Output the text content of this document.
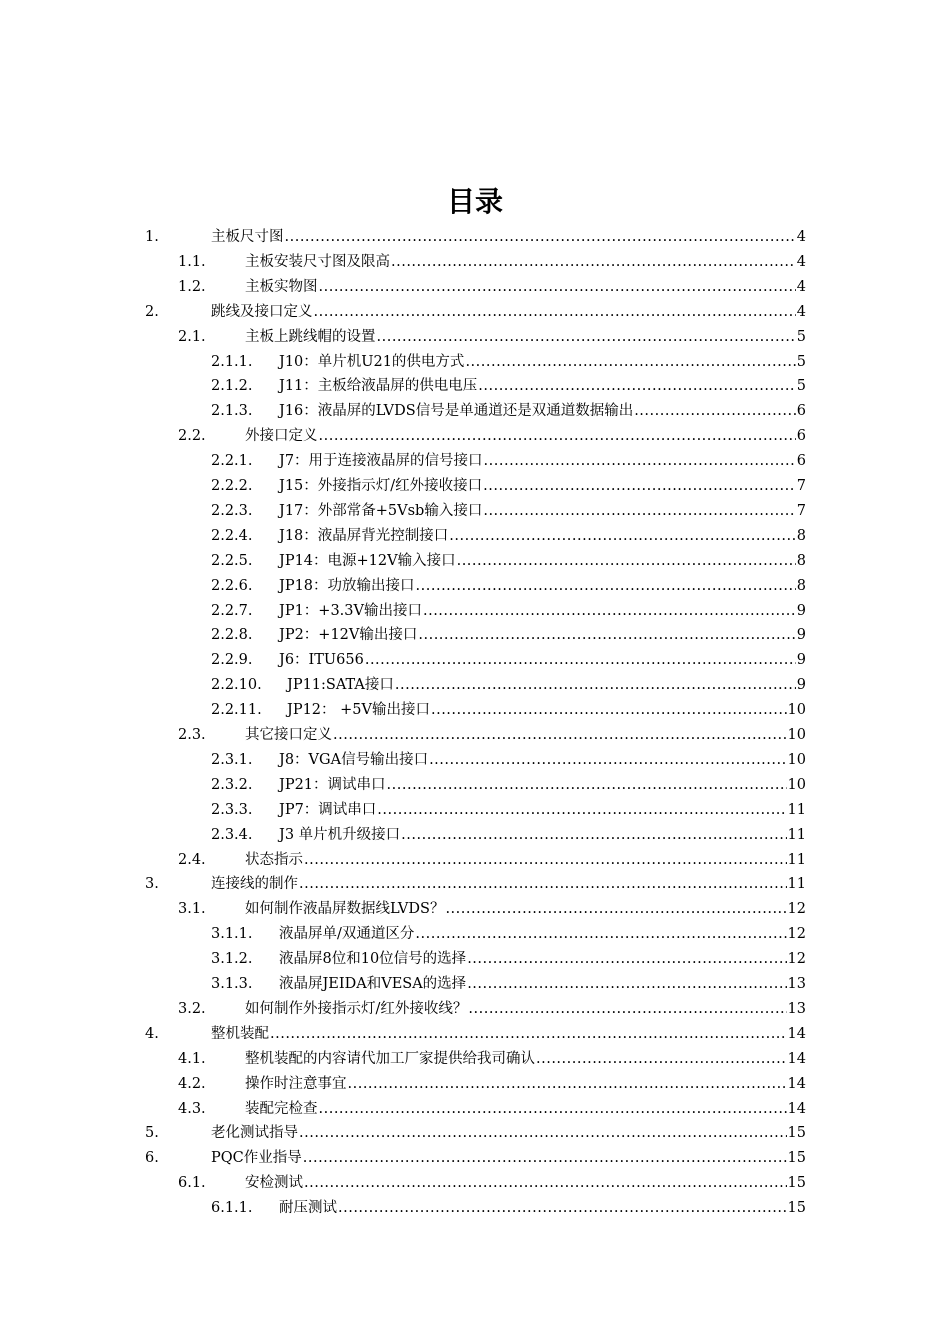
目录
1.	主板尺寸图 .....	4
1.1.	主板安装尺寸图及限高 .....	4
1.2.	主板实物图 .....	4
2.	跳线及接口定义 .....	4
2.1.	主板上跳线帽的设置 .....	5
2.1.1. J10：单片机U21的供电方式 .....	5
2.1.2. J11：主板给液晶屏的供电电压 .....	5
2.1.3. J16：液晶屏的LVDS信号是单通道还是双通道数据输出 .....	6
2.2.	外接口定义 .....	6
2.2.1. J7：用于连接液晶屏的信号接口 .....	6
2.2.2. J15：外接指示灯/红外接收接口 .....	7
2.2.3. J17：外部常备+5Vsb输入接口 .....	7
2.2.4. J18：液晶屏背光控制接口 .....	8
2.2.5. JP14：电源+12V输入接口 .....	8
2.2.6. JP18：功放输出接口 .....	8
2.2.7. JP1：+3.3V输出接口 .....	9
2.2.8. JP2：+12V输出接口 .....	9
2.2.9. J6：ITU656 .....	9
2.2.10. JP11:SATA接口 .....	9
2.2.11. JP12： +5V输出接口 .....	10
2.3.	其它接口定义 .....	10
2.3.1. J8：VGA信号输出接口 .....	10
2.3.2. JP21：调试串口 .....	10
2.3.3. JP7：调试串口 .....	11
2.3.4. J3 单片机升级接口 .....	11
2.4.	状态指示 .....	11
3.	连接线的制作 .....	11
3.1.	如何制作液晶屏数据线LVDS？ .....	12
3.1.1. 液晶屏单/双通道区分 .....	12
3.1.2. 液晶屏8位和10位信号的选择 .....	12
3.1.3. 液晶屏JEIDA和VESA的选择 .....	13
3.2.	如何制作外接指示灯/红外接收线？ .....	13
4.	整机装配 .....	14
4.1.	整机装配的内容请代加工厂家提供给我司确认 .....	14
4.2.	操作时注意事宜 .....	14
4.3.	装配完检查 .....	14
5.	老化测试指导 .....	15
6.	PQC作业指导 .....	15
6.1.	安检测试 .....	15
6.1.1. 耐压测试 .....	15
